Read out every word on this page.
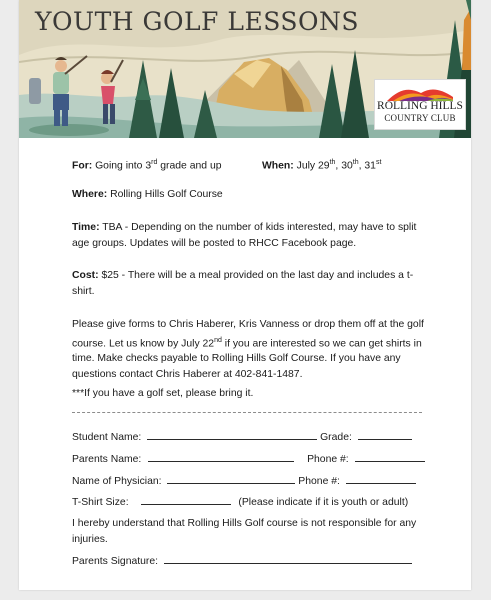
YOUTH GOLF LESSONS
ROLLING HILLS
COUNTRY CLUB
For: Going into 3rd grade and up	When: July 29th, 30th, 31st
Where: Rolling Hills Golf Course
Time: TBA - Depending on the number of kids interested, may have to split age groups. Updates will be posted to RHCC Facebook page.
Cost: $25 - There will be a meal provided on the last day and includes a t-shirt.
Please give forms to Chris Haberer, Kris Vanness or drop them off at the golf course. Let us know by July 22nd if you are interested so we can get shirts in time. Make checks payable to Rolling Hills Golf Course. If you have any questions contact Chris Haberer at 402-841-1487.
***If you have a golf set, please bring it.
Student Name:	Grade:
Parents Name:	Phone #:
Name of Physician:	Phone #:
T-Shirt Size:	(Please indicate if it is youth or adult)
I hereby understand that Rolling Hills Golf course is not responsible for any injuries.
Parents Signature:
